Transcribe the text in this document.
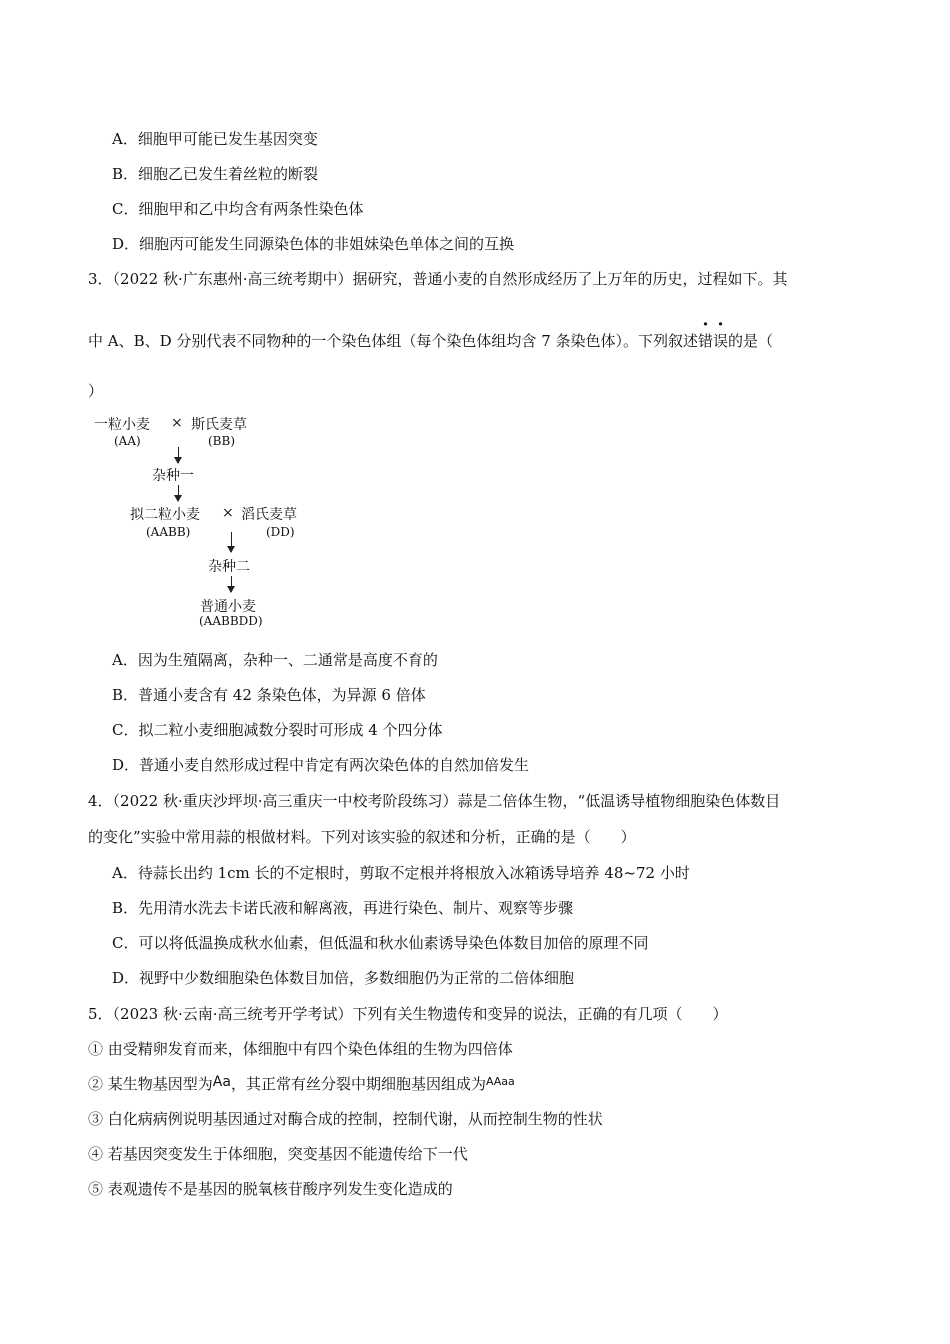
A．细胞甲可能已发生基因突变
B．细胞乙已发生着丝粒的断裂
C．细胞甲和乙中均含有两条性染色体
D．细胞丙可能发生同源染色体的非姐妹染色单体之间的互换
3．（2022 秋·广东惠州·高三统考期中）据研究，普通小麦的自然形成经历了上万年的历史，过程如下。其
中 A、B、D 分别代表不同物种的一个染色体组（每个染色体组均含 7 条染色体）。下列叙述错误的是（
）
一粒小麦
(AA)
× 斯氏麦草
(BB)
杂种一
拟二粒小麦
(AABB)
× 滔氏麦草
(DD)
杂种二
普通小麦
(AABBDD)
A．因为生殖隔离，杂种一、二通常是高度不育的
B．普通小麦含有 42 条染色体，为异源 6 倍体
C．拟二粒小麦细胞减数分裂时可形成 4 个四分体
D．普通小麦自然形成过程中肯定有两次染色体的自然加倍发生
4．（2022 秋·重庆沙坪坝·高三重庆一中校考阶段练习）蒜是二倍体生物，“低温诱导植物细胞染色体数目
的变化”实验中常用蒜的根做材料。下列对该实验的叙述和分析，正确的是（　　）
A．待蒜长出约 1cm 长的不定根时，剪取不定根并将根放入冰箱诱导培养 48~72 小时
B．先用清水洗去卡诺氏液和解离液，再进行染色、制片、观察等步骤
C．可以将低温换成秋水仙素，但低温和秋水仙素诱导染色体数目加倍的原理不同
D．视野中少数细胞染色体数目加倍，多数细胞仍为正常的二倍体细胞
5．（2023 秋·云南·高三统考开学考试）下列有关生物遗传和变异的说法，正确的有几项（　　）
① 由受精卵发育而来，体细胞中有四个染色体组的生物为四倍体
② 某生物基因型为Aa，其正常有丝分裂中期细胞基因组成为$^{AAaa}$
③ 白化病病例说明基因通过对酶合成的控制，控制代谢，从而控制生物的性状
④ 若基因突变发生于体细胞，突变基因不能遗传给下一代
⑤ 表观遗传不是基因的脱氧核苷酸序列发生变化造成的
